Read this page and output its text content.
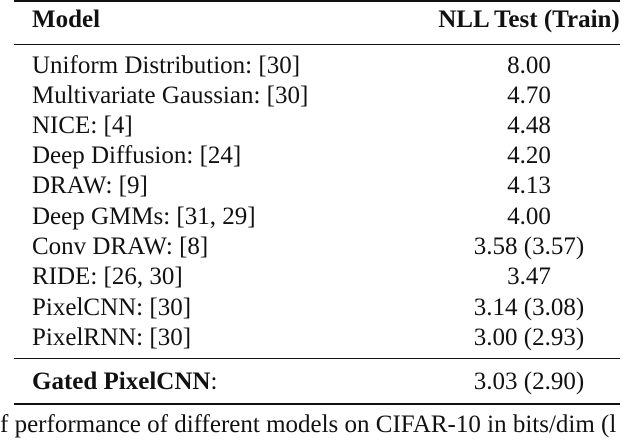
Model	NLL Test (Train)
Uniform Distribution: [30]	8.00
Multivariate Gaussian: [30]	4.70
NICE: [4]	4.48
Deep Diffusion: [24]	4.20
DRAW: [9]	4.13
Deep GMMs: [31, 29]	4.00
Conv DRAW: [8]	3.58 (3.57)
RIDE: [26, 30]	3.47
PixelCNN: [30]	3.14 (3.08)
PixelRNN: [30]	3.00 (2.93)
Gated PixelCNN:	3.03 (2.90)
f performance of different models on CIFAR-10 in bits/dim (l
